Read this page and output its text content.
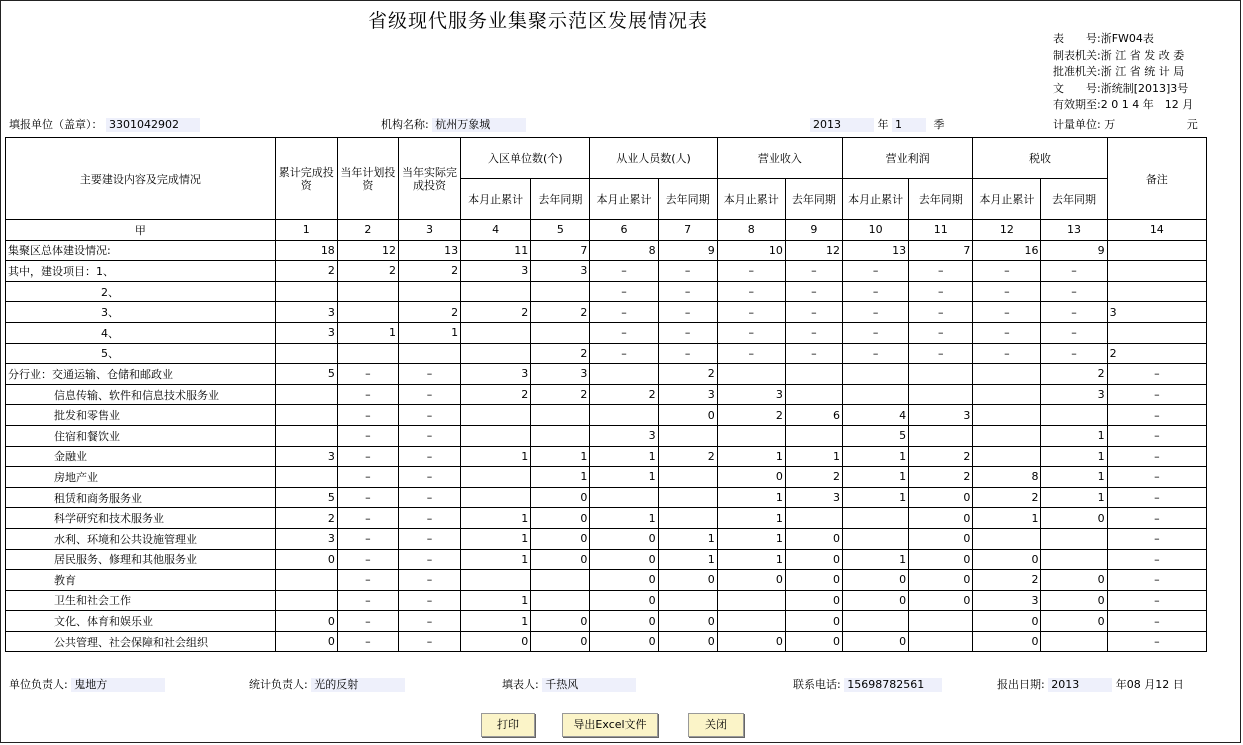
省级现代服务业集聚示范区发展情况表
表　　号:浙FW04表
制表机关:浙 江 省 发 改 委
批准机关:浙 江 省 统 计 局
文　　号:浙统制[2013]3号
有效期至:2 0 1 4 年　12 月
填报单位（盖章）： 3301042902	机构名称: 杭州万象城	2013	年 1	季	计量单位: 万	元
主要建设内容及完成情况	累计完成投资	当年计划投资	当年实际完成投资	入区单位数(个)		从业人员数(人)		营业收入		营业利润		税收		备注
				本月止累计	去年同期	本月止累计	去年同期	本月止累计	去年同期	本月止累计	去年同期	本月止累计	去年同期	
甲	1	2	3	4	5	6	7	8	9	10	11	12	13	14
集聚区总体建设情况:	18	12	13	11	7	8	9	10	12	13	7	16	9	
其中，建设项目：1、	2	2	2	3	3	–	–	–	–	–	–	–	–	
2、						–	–	–	–	–	–	–	–	
3、	3		2	2	2	–	–	–	–	–	–	–	–	3
4、	3	1	1			–	–	–	–	–	–	–	–	
5、					2	–	–	–	–	–	–	–	–	2
分行业：交通运输、仓储和邮政业	5	–	–	3	3		2						2	–
信息传输、软件和信息技术服务业		–	–	2	2	2	3	3					3	–
批发和零售业		–	–				0	2	6	4	3			–
住宿和餐饮业		–	–			3				5			1	–
金融业	3	–	–	1	1	1	2	1	1	1	2		1	–
房地产业		–	–		1	1		0	2	1	2	8	1	–
租赁和商务服务业	5	–	–		0			1	3	1	0	2	1	–
科学研究和技术服务业	2	–	–	1	0	1		1			0	1	0	–
水利、环境和公共设施管理业	3	–	–	1	0	0	1	1	0		0			–
居民服务、修理和其他服务业	0	–	–	1	0	0	1	1	0	1	0	0		–
教育		–	–			0	0	0	0	0	0	2	0	–
卫生和社会工作		–	–	1		0			0	0	0	3	0	–
文化、体育和娱乐业	0	–	–	1	0	0	0		0			0	0	–
公共管理、社会保障和社会组织	0	–	–	0	0	0	0	0	0	0		0		–
单位负责人: 鬼地方	统计负责人: 光的反射	填表人: 千热风	联系电话: 15698782561	报出日期: 2013	年08 月12 日
打印	导出Excel文件	关闭
